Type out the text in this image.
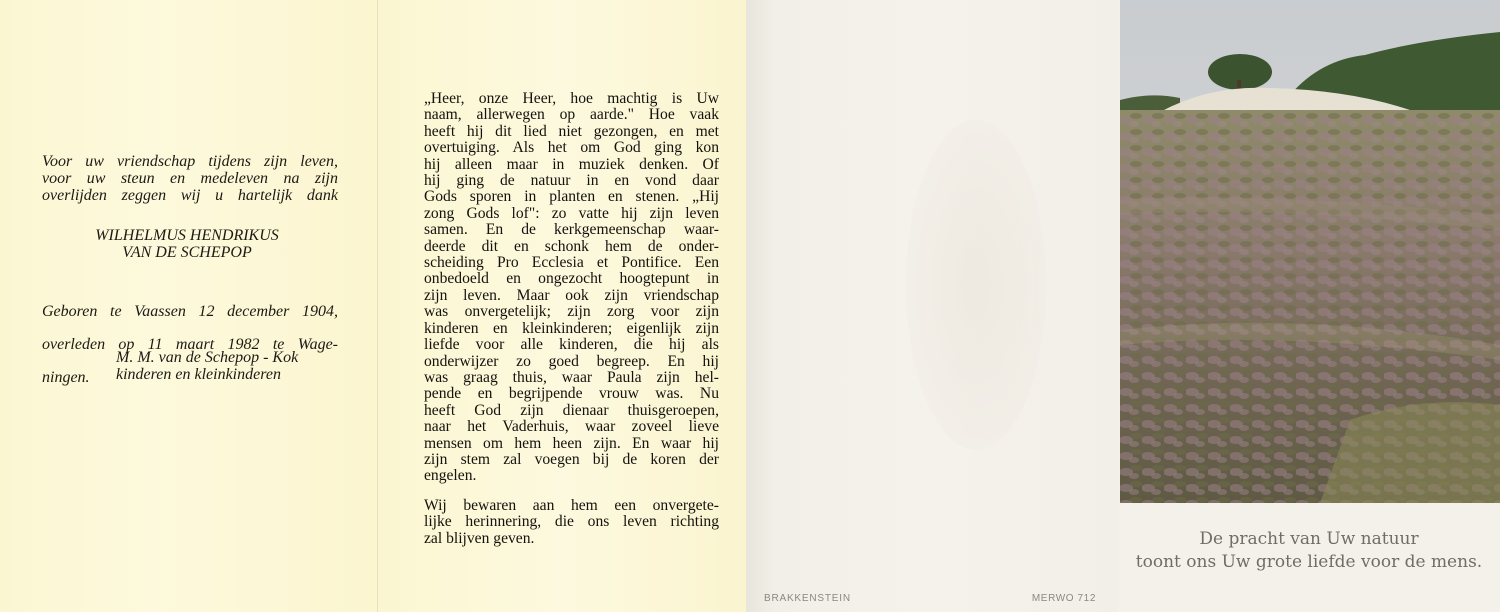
Voor uw vriendschap tijdens zijn leven,

voor uw steun en medeleven na zijn

overlijden zeggen wij u hartelijk dank

WILHELMUS HENDRIKUS
VAN DE SCHEPOP

Geboren te Vaassen 12 december 1904,

overleden op 11 maart 1982 te Wage-

ningen.

M. M. van de Schepop - Kok
kinderen en kleinkinderen

„Heer, onze Heer, hoe machtig is Uw

naam, allerwegen op aarde." Hoe vaak

heeft hij dit lied niet gezongen, en met

overtuiging. Als het om God ging kon

hij alleen maar in muziek denken. Of

hij ging de natuur in en vond daar

Gods sporen in planten en stenen. „Hij

zong Gods lof": zo vatte hij zijn leven

samen. En de kerkgemeenschap waar-

deerde dit en schonk hem de onder-

scheiding Pro Ecclesia et Pontifice. Een

onbedoeld en ongezocht hoogtepunt in

zijn leven. Maar ook zijn vriendschap

was onvergetelijk; zijn zorg voor zijn

kinderen en kleinkinderen; eigenlijk zijn

liefde voor alle kinderen, die hij als

onderwijzer zo goed begreep. En hij

was graag thuis, waar Paula zijn hel-

pende en begrijpende vrouw was. Nu

heeft God zijn dienaar thuisgeroepen,

naar het Vaderhuis, waar zoveel lieve

mensen om hem heen zijn. En waar hij

zijn stem zal voegen bij de koren der

engelen.

Wij bewaren aan hem een onvergete-

lijke herinnering, die ons leven richting

zal blijven geven.

BRAKKENSTEIN	MERWO 712

De pracht van Uw natuur

toont ons Uw grote liefde voor de mens.
